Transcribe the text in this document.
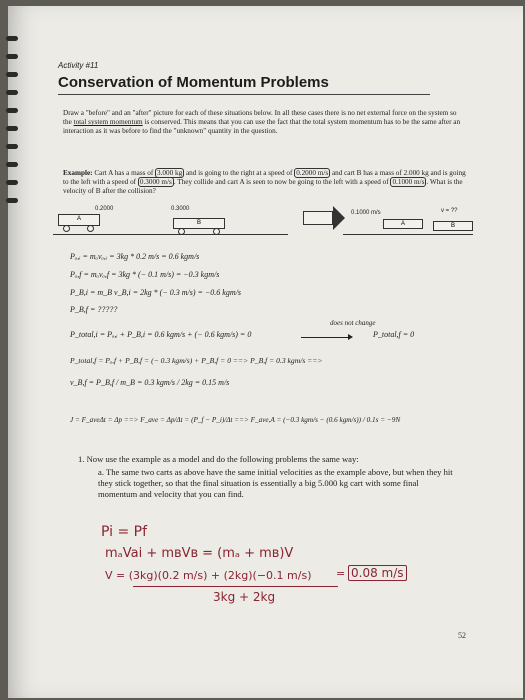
Activity #11
Conservation of Momentum Problems
Draw a "before" and an "after" picture for each of these situations below. In all these cases there is no net external force on the system so the total system momentum is conserved. This means that you can use the fact that the total system momentum has to be the same after an interaction as it was before to find the "unknown" quantity in the question.
Example: Cart A has a mass of 3.000 kg and is going to the right at a speed of 0.2000 m/s and cart B has a mass of 2.000 kg and is going to the left with a speed of 0.3000 m/s . They collide and cart A is seen to now be going to the left with a speed of 0.1000 m/s . What is the velocity of B after the collision?
0.2000	0.3000
A
B
0.1000 m/s	v = ??
A	B
Pₐ,ᵢ = mₐvₐ,ᵢ = 3kg * 0.2 m/s = 0.6 kgm/s
Pₐ,f = mₐvₐ,f = 3kg * (− 0.1 m/s) = −0.3 kgm/s
P_B,i = m_B v_B,i = 2kg * (− 0.3 m/s) = −0.6 kgm/s
P_B,f = ?????
does not change
P_total,i = Pₐ,ᵢ + P_B,i = 0.6 kgm/s + (− 0.6 kgm/s) = 0	P_total,f = 0
P_total,f = Pₐ,f + P_B,f = (− 0.3 kgm/s) + P_B,f = 0 ==> P_B,f = 0.3 kgm/s ==>
v_B,f = P_B,f / m_B = 0.3 kgm/s / 2kg = 0.15 m/s
J = F_aveΔt = Δp ==> F_ave = Δp/Δt = (P_f − P_i)/Δt ==> F_ave,A = (−0.3 kgm/s − (0.6 kgm/s)) / 0.1s = −9N
1. Now use the example as a model and do the following problems the same way:
a. The same two carts as above have the same initial velocities as the example above, but when they hit they stick together, so that the final situation is essentially a big 5.000 kg cart with some final momentum and velocity that you can find.
Pi = Pf
mₐVai + mʙVʙ = (mₐ + mʙ)V
V = (3kg)(0.2 m/s) + (2kg)(−0.1 m/s) = 0.08 m/s
3kg + 2kg
52
